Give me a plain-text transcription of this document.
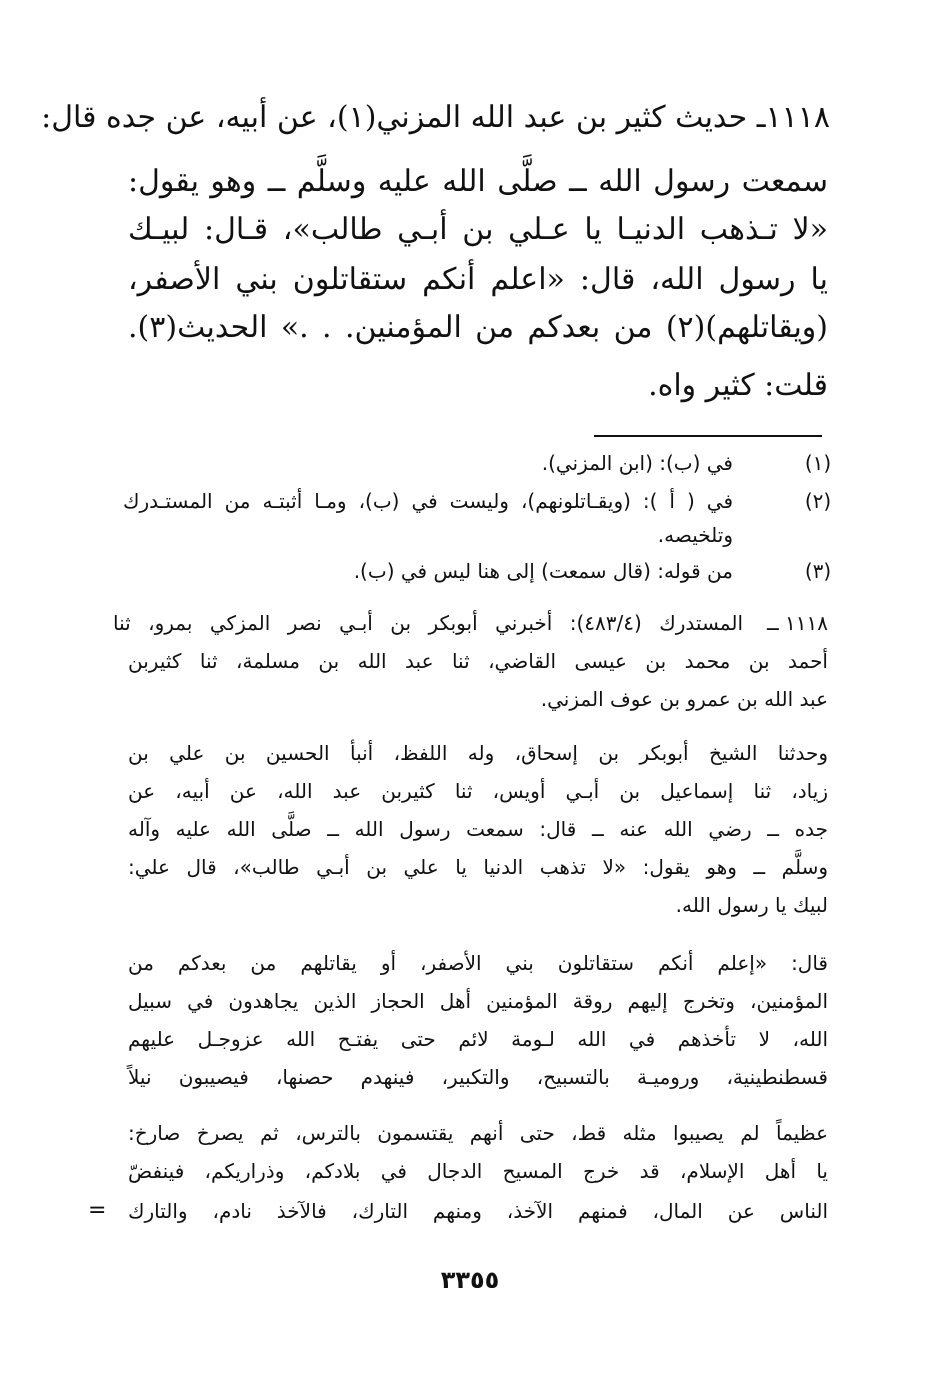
١١١٨ـ حديث كثير بن عبد الله المزني(١)، عن أبيه، عن جده قال:
سمعت رسول الله ــ صلَّى الله عليه وسلَّم ــ وهو يقول:
«لا تـذهب الدنيـا يا عـلي بن أبـي طالب»، قـال: لبيـك
يا رسول الله، قال: «اعلم أنكم ستقاتلون بني الأصفر،
(ويقاتلهم)(٢) من بعدكم من المؤمنين. . .» الحديث(٣).
قلت: كثير واه.
(١)
في (ب): (ابن المزني).
(٢)
في ( أ ): (ويقـاتلونهم)، وليست في (ب)، ومـا أثبتـه من المستـدرك
وتلخيصه.
(٣)
من قوله: (قال سمعت) إلى هنا ليس في (ب).
١١١٨ ــ
المستدرك (٤٨٣/٤): أخبرني أبوبكر بن أبـي نصر المزكي بمرو، ثنا
أحمد بن محمد بن عيسى القاضي، ثنا عبد الله بن مسلمة، ثنا كثيربن
عبد الله بن عمرو بن عوف المزني.
وحدثنا الشيخ أبوبكر بن إسحاق، وله اللفظ، أنبأ الحسين بن علي بن
زياد، ثنا إسماعيل بن أبـي أويس، ثنا كثيربن عبد الله، عن أبيه، عن
جده ــ رضي الله عنه ــ قال: سمعت رسول الله ــ صلَّى الله عليه وآله
وسلَّم ــ وهو يقول: «لا تذهب الدنيا يا علي بن أبـي طالب»، قال علي:
لبيك يا رسول الله.
قال: «إعلم أنكم ستقاتلون بني الأصفر، أو يقاتلهم من بعدكم من
المؤمنين، وتخرج إليهم روقة المؤمنين أهل الحجاز الذين يجاهدون في سبيل
الله، لا تأخذهم في الله لـومة لائم حتى يفتـح الله عزوجـل عليهم
قسطنطينية، وروميـة بالتسبيح، والتكبير، فينهدم حصنها، فيصيبون نيلاً
عظيماً لم يصيبوا مثله قط، حتى أنهم يقتسمون بالترس، ثم يصرخ صارخ:
يا أهل الإسلام، قد خرج المسيح الدجال في بلادكم، وذراريكم، فينفضّ
الناس عن المال، فمنهم الآخذ، ومنهم التارك، فالآخذ نادم، والتارك
=
٣٣٥٥
